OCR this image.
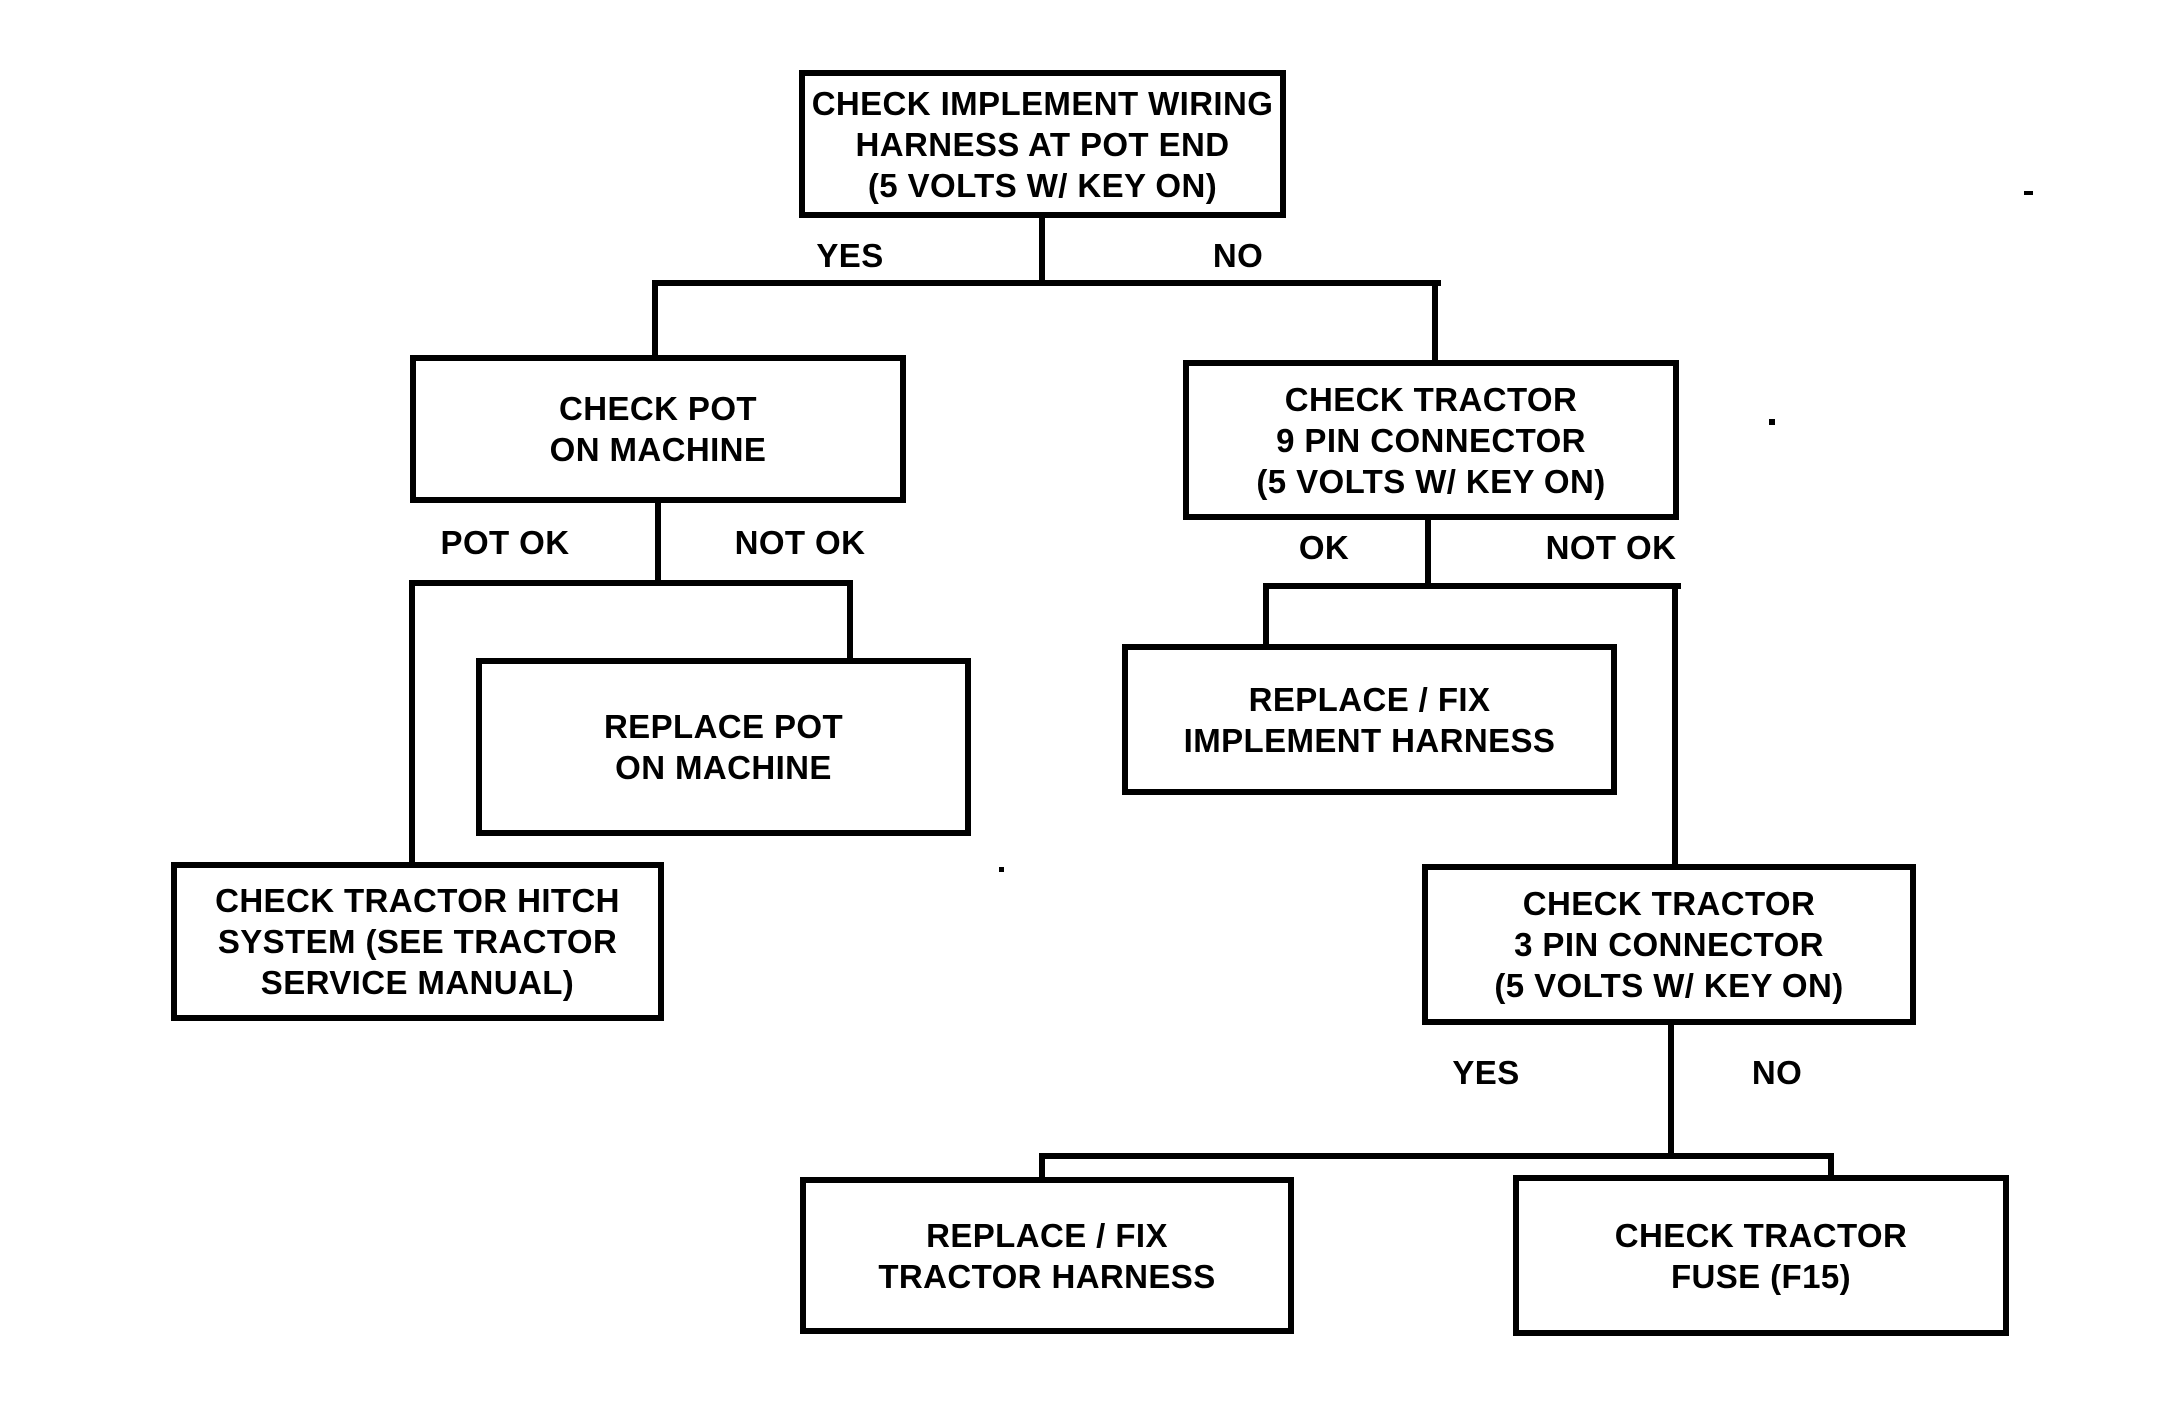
YES	NO
POT OK	NOT OK	OK	NOT OK
YES	NO
CHECK IMPLEMENT WIRING
HARNESS AT POT END
(5 VOLTS W/ KEY ON)
CHECK POT
ON MACHINE
CHECK TRACTOR
9 PIN CONNECTOR
(5 VOLTS W/ KEY ON)
REPLACE POT
ON MACHINE
REPLACE / FIX
IMPLEMENT HARNESS
CHECK TRACTOR HITCH
SYSTEM (SEE TRACTOR
SERVICE MANUAL)
CHECK TRACTOR
3 PIN CONNECTOR
(5 VOLTS W/ KEY ON)
REPLACE / FIX
TRACTOR HARNESS
CHECK TRACTOR
FUSE (F15)
